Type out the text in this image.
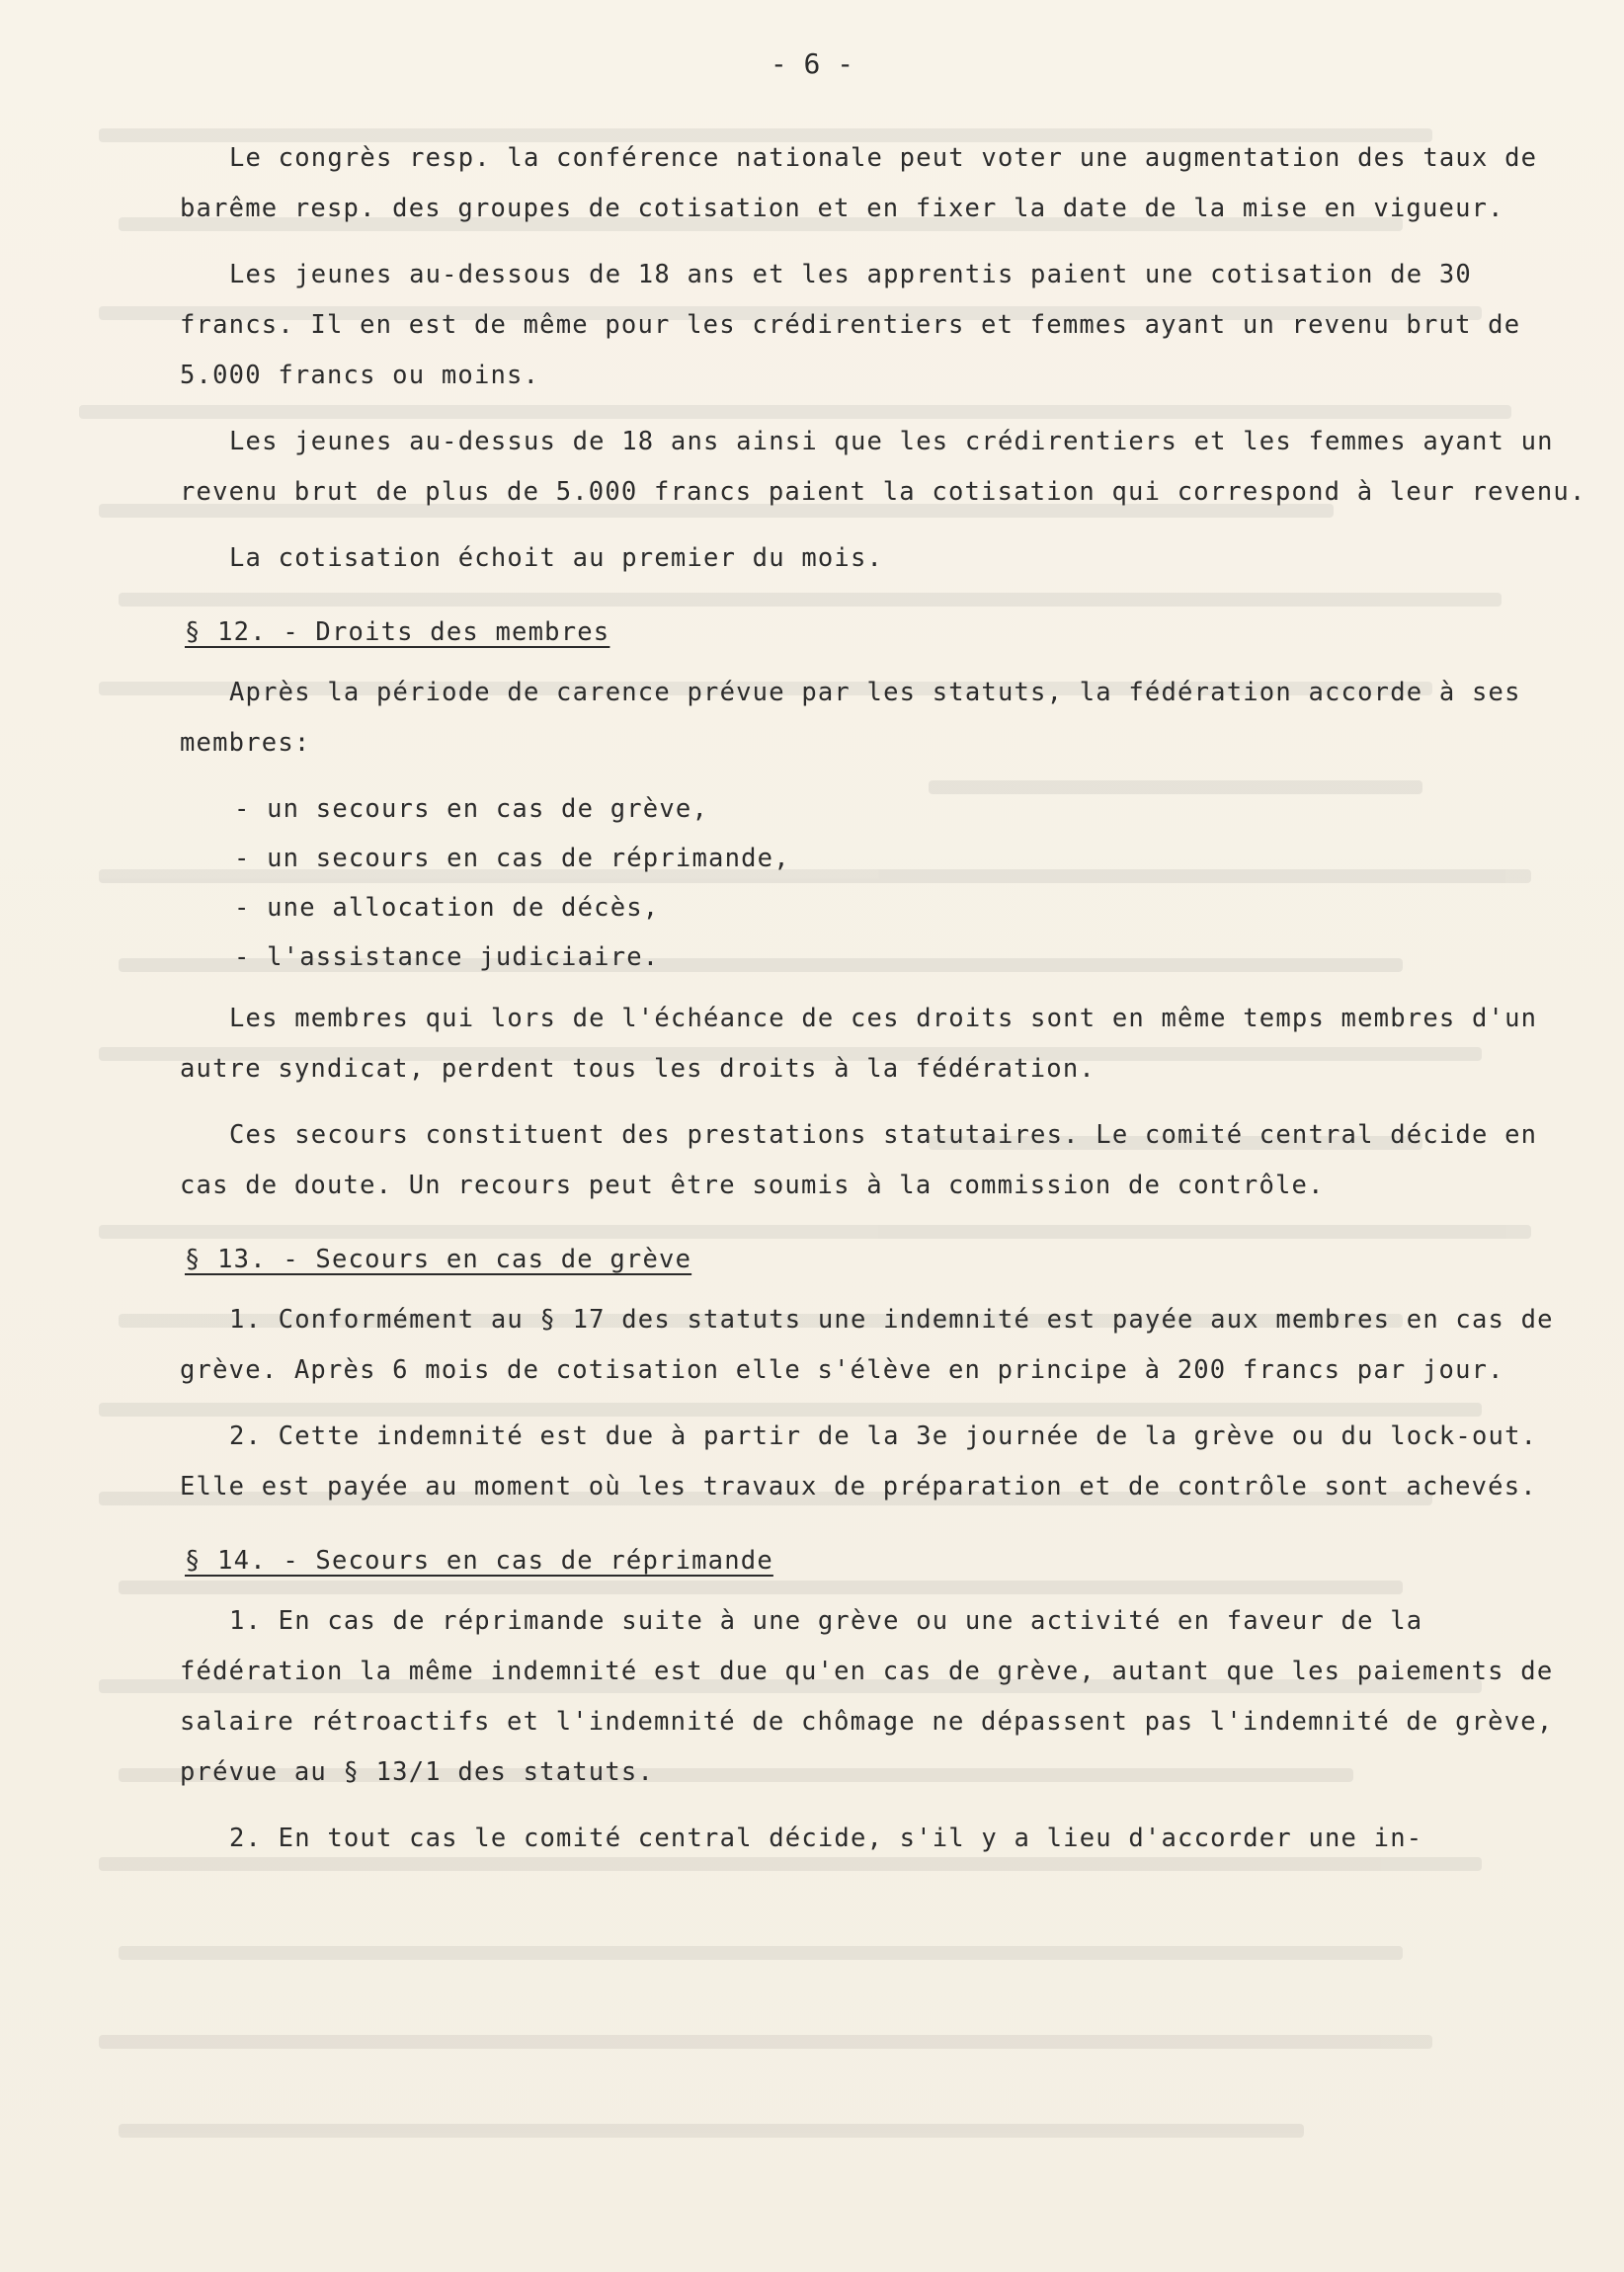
- 6 -

Le congrès resp. la conférence nationale peut voter une augmentation des taux de barême resp. des groupes de cotisation et en fixer la date de la mise en vigueur.

Les jeunes au-dessous de 18 ans et les apprentis paient une cotisation de 30 francs. Il en est de même pour les crédirentiers et femmes ayant un revenu brut de 5.000 francs ou moins.

Les jeunes au-dessus de 18 ans ainsi que les crédirentiers et les femmes ayant un revenu brut de plus de 5.000 francs paient la cotisation qui correspond à leur revenu.

La cotisation échoit au premier du mois.

§ 12. - Droits des membres

Après la période de carence prévue par les statuts, la fédération accorde à ses membres:

- un secours en cas de grève,
- un secours en cas de réprimande,
- une allocation de décès,
- l'assistance judiciaire.

Les membres qui lors de l'échéance de ces droits sont en même temps membres d'un autre syndicat, perdent tous les droits à la fédération.

Ces secours constituent des prestations statutaires. Le comité central décide en cas de doute. Un recours peut être soumis à la commission de contrôle.

§ 13. - Secours en cas de grève

1. Conformément au § 17 des statuts une indemnité est payée aux membres en cas de grève. Après 6 mois de cotisation elle s'élève en principe à 200 francs par jour.

2. Cette indemnité est due à partir de la 3e journée de la grève ou du lock-out. Elle est payée au moment où les travaux de préparation et de contrôle sont achevés.

§ 14. - Secours en cas de réprimande

1. En cas de réprimande suite à une grève ou une activité en faveur de la fédération la même indemnité est due qu'en cas de grève, autant que les paiements de salaire rétroactifs et l'indemnité de chômage ne dépassent pas l'indemnité de grève, prévue au § 13/1 des statuts.

2. En tout cas le comité central décide, s'il y a lieu d'accorder une in-
